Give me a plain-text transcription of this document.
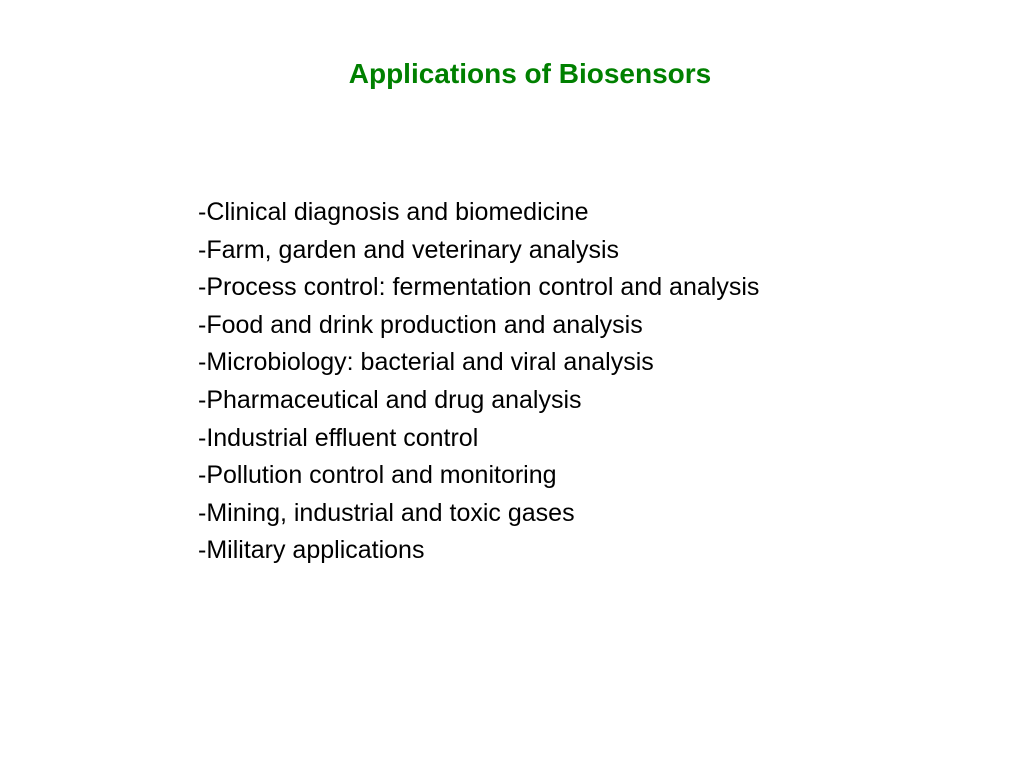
Applications of Biosensors
-Clinical diagnosis and biomedicine
-Farm, garden and veterinary analysis
-Process control: fermentation control and analysis
-Food and drink production and analysis
-Microbiology: bacterial and viral analysis
-Pharmaceutical and drug analysis
-Industrial effluent control
-Pollution control and monitoring
-Mining, industrial and toxic gases
-Military applications
